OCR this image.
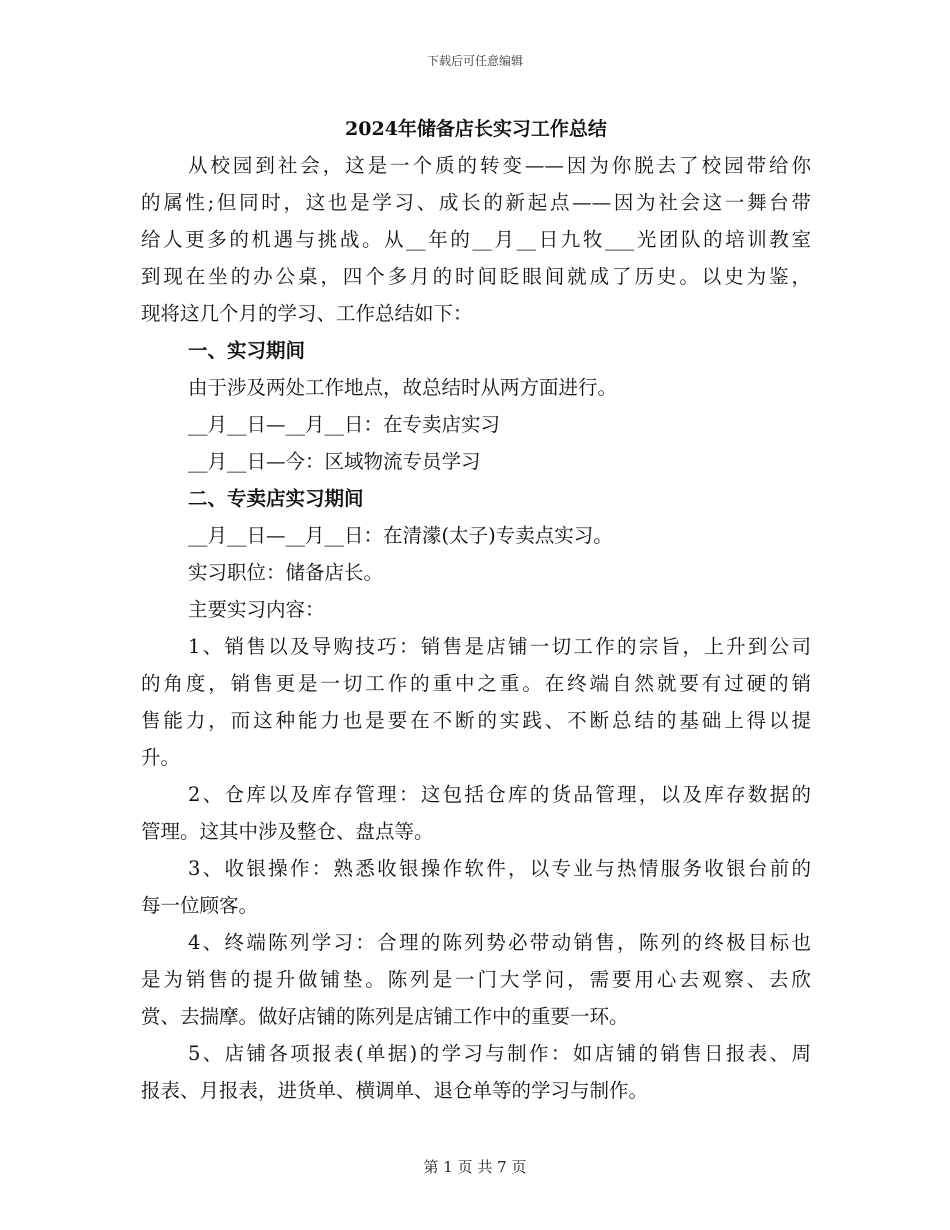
下载后可任意编辑
2024年储备店长实习工作总结
从校园到社会，这是一个质的转变——因为你脱去了校园带给你
的属性;但同时，这也是学习、成长的新起点——因为社会这一舞台带
给人更多的机遇与挑战。从__年的__月__日九牧___光团队的培训教室
到现在坐的办公桌，四个多月的时间眨眼间就成了历史。以史为鉴，
现将这几个月的学习、工作总结如下：
一、实习期间
由于涉及两处工作地点，故总结时从两方面进行。
__月__日—__月__日：在专卖店实习
__月__日—今：区域物流专员学习
二、专卖店实习期间
__月__日—__月__日：在清濛(太子)专卖点实习。
实习职位：储备店长。
主要实习内容：
1、销售以及导购技巧：销售是店铺一切工作的宗旨，上升到公司
的角度，销售更是一切工作的重中之重。在终端自然就要有过硬的销
售能力，而这种能力也是要在不断的实践、不断总结的基础上得以提
升。
2、仓库以及库存管理：这包括仓库的货品管理，以及库存数据的
管理。这其中涉及整仓、盘点等。
3、收银操作：熟悉收银操作软件，以专业与热情服务收银台前的
每一位顾客。
4、终端陈列学习：合理的陈列势必带动销售，陈列的终极目标也
是为销售的提升做铺垫。陈列是一门大学问，需要用心去观察、去欣
赏、去揣摩。做好店铺的陈列是店铺工作中的重要一环。
5、店铺各项报表(单据)的学习与制作：如店铺的销售日报表、周
报表、月报表，进货单、横调单、退仓单等的学习与制作。
第 1 页 共 7 页
